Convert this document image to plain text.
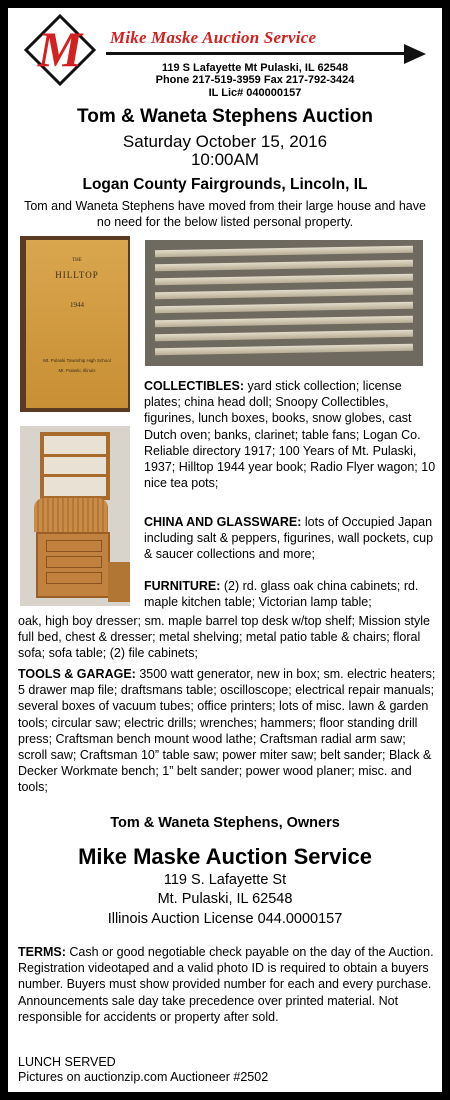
M Mike Maske Auction Service
119 S Lafayette Mt Pulaski, IL 62548
Phone 217-519-3959 Fax 217-792-3424
IL Lic# 040000157
Tom & Waneta Stephens Auction
Saturday October 15, 2016
10:00AM
Logan County Fairgrounds, Lincoln, IL
Tom and Waneta Stephens have moved from their large house and have no need for the below listed personal property.
THE
HILLTOP
1944
Mt. Pulaski Township High School
Mt. Pulaski, Illinois
COLLECTIBLES: yard stick collection; license plates; china head doll; Snoopy Collectibles, figurines, lunch boxes, books, snow globes, cast Dutch oven; banks, clarinet; table fans; Logan Co. Reliable directory 1917; 100 Years of Mt. Pulaski, 1937; Hilltop 1944 year book; Radio Flyer wagon; 10 nice tea pots;
CHINA AND GLASSWARE: lots of Occupied Japan including salt & peppers, figurines, wall pockets, cup & saucer collections and more;
FURNITURE: (2) rd. glass oak china cabinets; rd. maple kitchen table; Victorian lamp table;
oak, high boy dresser; sm. maple barrel top desk w/top shelf; Mission style full bed, chest & dresser; metal shelving; metal patio table & chairs; floral sofa; sofa table; (2) file cabinets;
TOOLS & GARAGE: 3500 watt generator, new in box; sm. electric heaters; 5 drawer map file; draftsmans table; oscilloscope; electrical repair manuals; several boxes of vacuum tubes; office printers; lots of misc. lawn & garden tools; circular saw; electric drills; wrenches; hammers; floor standing drill press; Craftsman bench mount wood lathe; Craftsman radial arm saw; scroll saw; Craftsman 10” table saw; power miter saw; belt sander; Black & Decker Workmate bench; 1” belt sander; power wood planer; misc. and tools;
Tom & Waneta Stephens, Owners
Mike Maske Auction Service
119 S. Lafayette St
Mt. Pulaski, IL 62548
Illinois Auction License 044.0000157
TERMS: Cash or good negotiable check payable on the day of the Auction. Registration videotaped and a valid photo ID is required to obtain a buyers number. Buyers must show provided number for each and every purchase. Announcements sale day take precedence over printed material. Not responsible for accidents or property after sold.
LUNCH SERVED
Pictures on auctionzip.com Auctioneer #2502
